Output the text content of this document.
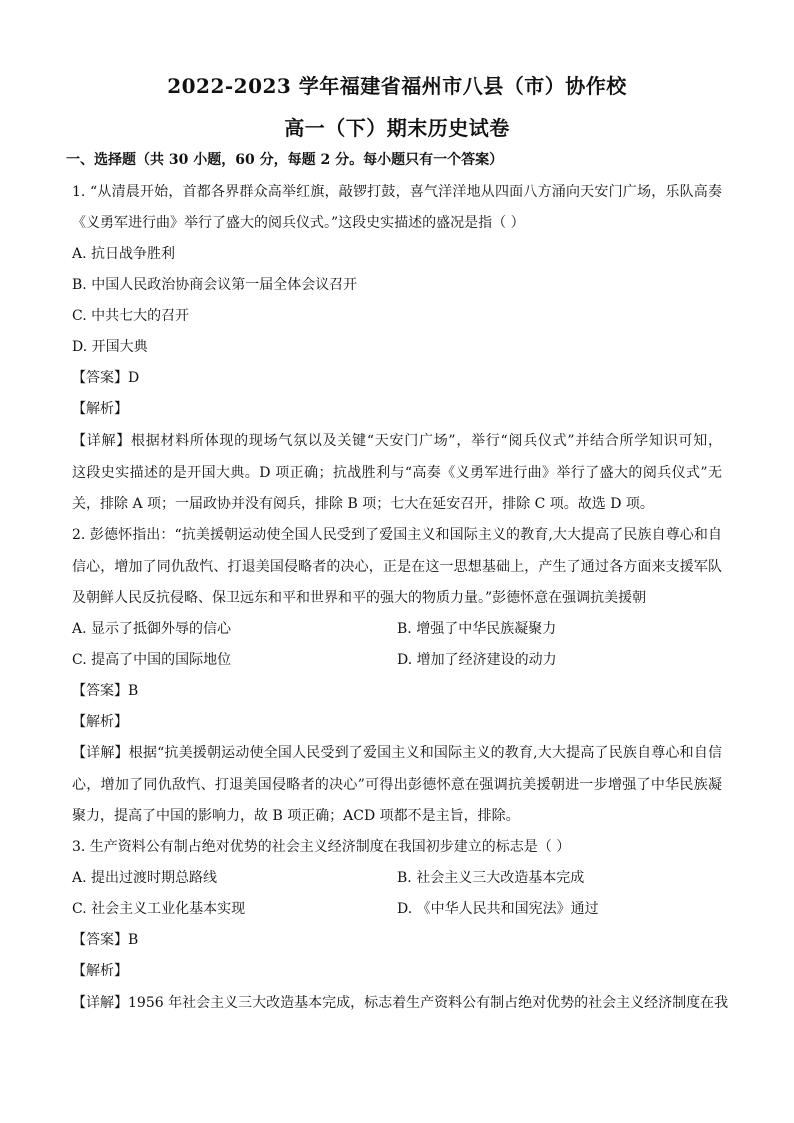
2022-2023 学年福建省福州市八县（市）协作校
高一（下）期末历史试卷
一、选择题（共 30 小题，60 分，每题 2 分。每小题只有一个答案）
1. “从清晨开始，首都各界群众高举红旗，敲锣打鼓，喜气洋洋地从四面八方涌向天安门广场，乐队高奏
《义勇军进行曲》举行了盛大的阅兵仪式。”这段史实描述的盛况是指（ ）
A. 抗日战争胜利
B. 中国人民政治协商会议第一届全体会议召开
C. 中共七大的召开
D. 开国大典
【答案】D
【解析】
【详解】根据材料所体现的现场气氛以及关键“天安门广场”，举行“阅兵仪式”并结合所学知识可知，
这段史实描述的是开国大典。D 项正确；抗战胜利与“高奏《义勇军进行曲》举行了盛大的阅兵仪式”无
关，排除 A 项；一届政协并没有阅兵，排除 B 项；七大在延安召开，排除 C 项。故选 D 项。
2. 彭德怀指出：“抗美援朝运动使全国人民受到了爱国主义和国际主义的教育,大大提高了民族自尊心和自
信心，增加了同仇敌忾、打退美国侵略者的决心，正是在这一思想基础上，产生了通过各方面来支援军队
及朝鲜人民反抗侵略、保卫远东和平和世界和平的强大的物质力量。”彭德怀意在强调抗美援朝
A. 显示了抵御外辱的信心	B. 增强了中华民族凝聚力
C. 提高了中国的国际地位	D. 增加了经济建设的动力
【答案】B
【解析】
【详解】根据“抗美援朝运动使全国人民受到了爱国主义和国际主义的教育,大大提高了民族自尊心和自信
心，增加了同仇敌忾、打退美国侵略者的决心”可得出彭德怀意在强调抗美援朝进一步增强了中华民族凝
聚力，提高了中国的影响力，故 B 项正确；ACD 项都不是主旨，排除。
3. 生产资料公有制占绝对优势的社会主义经济制度在我国初步建立的标志是（ ）
A. 提出过渡时期总路线	B. 社会主义三大改造基本完成
C. 社会主义工业化基本实现	D. 《中华人民共和国宪法》通过
【答案】B
【解析】
【详解】1956 年社会主义三大改造基本完成，标志着生产资料公有制占绝对优势的社会主义经济制度在我
